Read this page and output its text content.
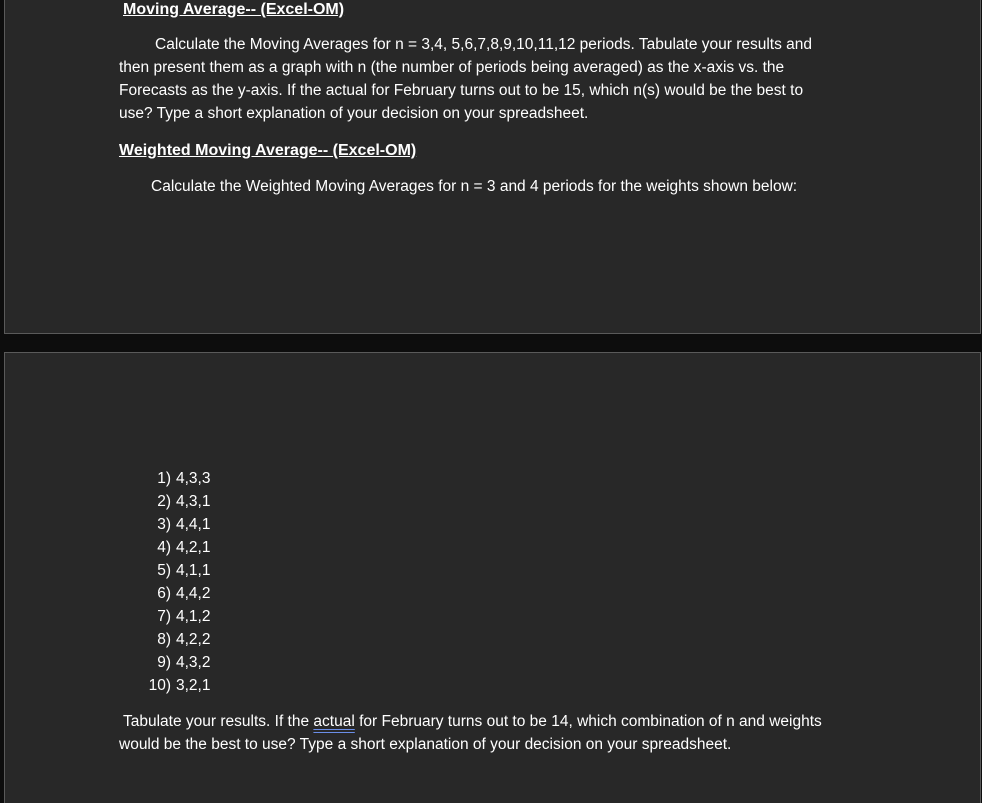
Moving Average-- (Excel-OM)
Calculate the Moving Averages for n = 3,4, 5,6,7,8,9,10,11,12 periods. Tabulate your results and
then present them as a graph with n (the number of periods being averaged) as the x-axis vs. the
Forecasts as the y-axis. If the actual for February turns out to be 15, which n(s) would be the best to
use? Type a short explanation of your decision on your spreadsheet.
Weighted Moving Average-- (Excel-OM)
Calculate the Weighted Moving Averages for n = 3 and 4 periods for the weights shown below:
1) 4,3,3
2) 4,3,1
3) 4,4,1
4) 4,2,1
5) 4,1,1
6) 4,4,2
7) 4,1,2
8) 4,2,2
9) 4,3,2
10) 3,2,1
Tabulate your results. If the actual for February turns out to be 14, which combination of n and weights
would be the best to use? Type a short explanation of your decision on your spreadsheet.
